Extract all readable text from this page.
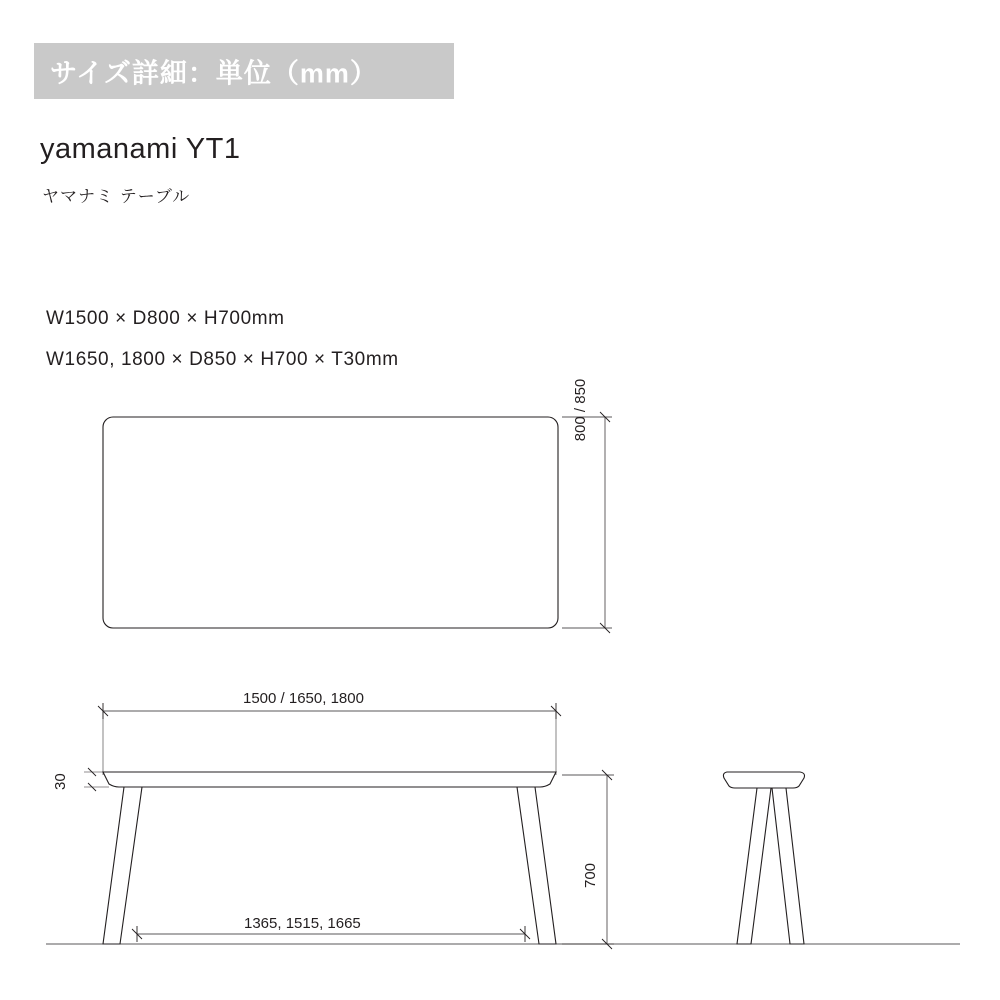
サイズ詳細：単位（mm）
yamanami YT1
ヤマナミ テーブル
W1500 × D800 × H700mm
W1650, 1800 × D850 × H700 × T30mm
800 / 850
1500 / 1650, 1800
30
700
1365, 1515, 1665
